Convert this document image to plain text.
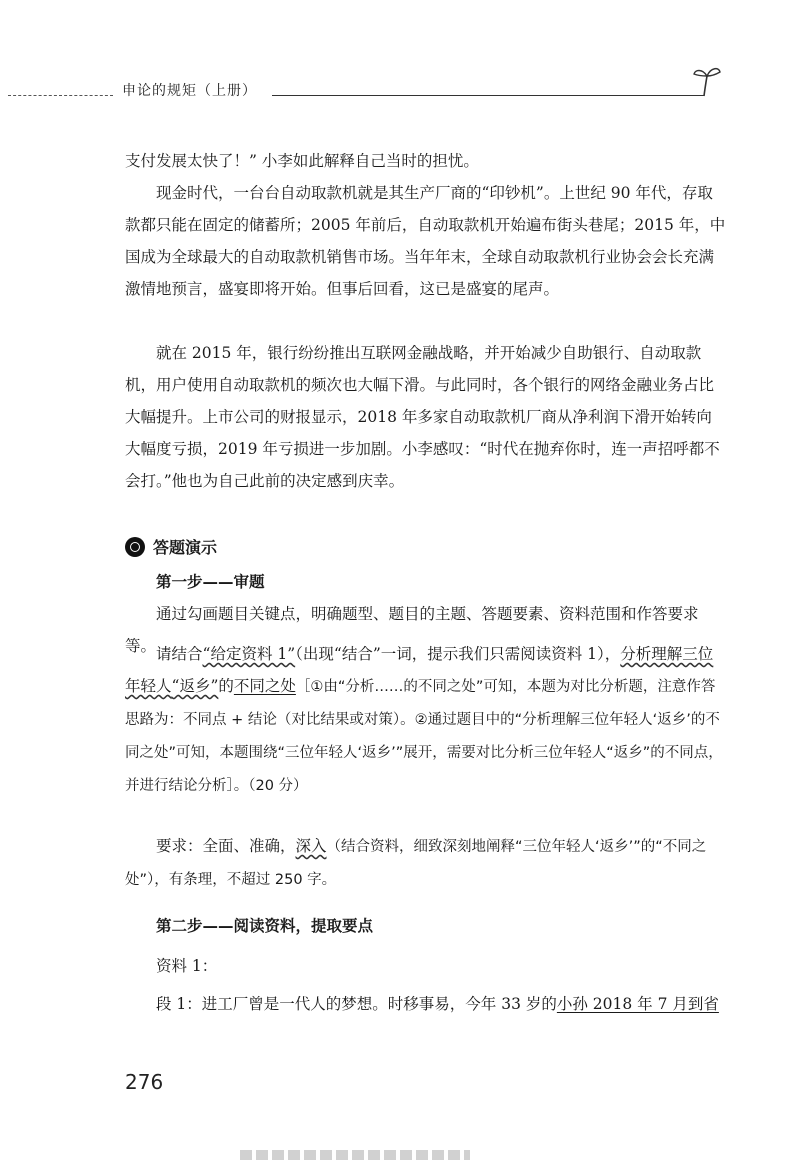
申论的规矩（上册）

支付发展太快了！” 小李如此解释自己当时的担忧。

现金时代，一台台自动取款机就是其生产厂商的“印钞机”。上世纪 90 年代，存取款都只能在固定的储蓄所；2005 年前后，自动取款机开始遍布街头巷尾；2015 年，中国成为全球最大的自动取款机销售市场。当年年末，全球自动取款机行业协会会长充满激情地预言，盛宴即将开始。但事后回看，这已是盛宴的尾声。

就在 2015 年，银行纷纷推出互联网金融战略，并开始减少自助银行、自动取款机，用户使用自动取款机的频次也大幅下滑。与此同时，各个银行的网络金融业务占比大幅提升。上市公司的财报显示，2018 年多家自动取款机厂商从净利润下滑开始转向大幅度亏损，2019 年亏损进一步加剧。小李感叹：“时代在抛弃你时，连一声招呼都不会打。”他也为自己此前的决定感到庆幸。

答题演示

第一步——审题

通过勾画题目关键点，明确题型、题目的主题、答题要素、资料范围和作答要求等。 请结合“给定资料 1”（出现“结合”一词，提示我们只需阅读资料 1），分析理解三位年轻人“返乡”的不同之处［①由“分析……的不同之处”可知，本题为对比分析题，注意作答思路为：不同点 + 结论（对比结果或对策）。②通过题目中的“分析理解三位年轻人‘返乡’的不同之处”可知，本题围绕“三位年轻人‘返乡’”展开，需要对比分析三位年轻人“返乡”的不同点，并进行结论分析］。（20 分）

要求：全面、准确，深入（结合资料，细致深刻地阐释“三位年轻人‘返乡’”的“不同之处”），有条理，不超过 250 字。

第二步——阅读资料，提取要点

资料 1：

段 1：进工厂曾是一代人的梦想。时移事易，今年 33 岁的小孙 2018 年 7 月到省

276
